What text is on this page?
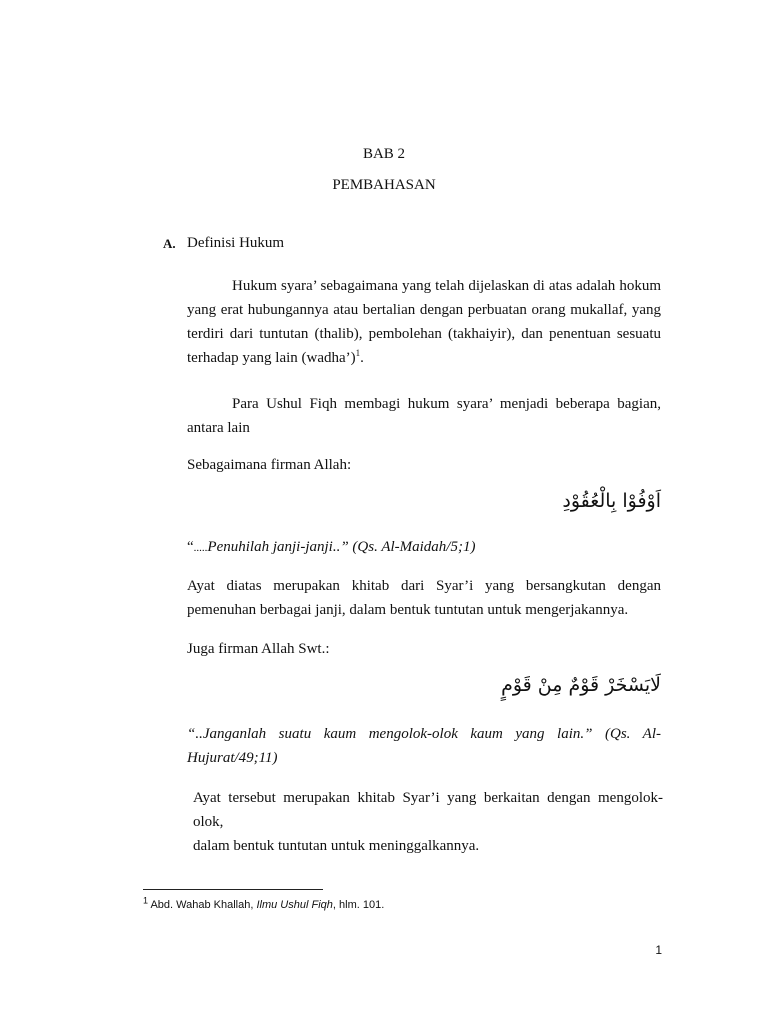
BAB 2
PEMBAHASAN
A. Definisi Hukum
Hukum syara’ sebagaimana yang telah dijelaskan di atas adalah hokum
yang erat hubungannya atau bertalian dengan perbuatan orang mukallaf, yang
terdiri dari tuntutan (thalib), pembolehan (takhaiyir), dan penentuan sesuatu
terhadap yang lain (wadha’)$^1$.
Para Ushul Fiqh membagi hukum syara’ menjadi beberapa bagian,
antara lain
Sebagaimana firman Allah:
اَوْفُوْا بِالْعُقُوْدِ
“.....Penuhilah janji-janji..” (Qs. Al-Maidah/5;1)
Ayat diatas merupakan khitab dari Syar’i yang bersangkutan dengan
pemenuhan berbagai janji, dalam bentuk tuntutan untuk mengerjakannya.
Juga firman Allah Swt.:
لَايَسْخَرْ قَوْمٌ مِنْ قَوْمٍ
“..Janganlah suatu kaum mengolok-olok kaum yang lain.” (Qs. Al-
Hujurat/49;11)
Ayat tersebut merupakan khitab Syar’i yang berkaitan dengan mengolok-olok,
dalam bentuk tuntutan untuk meninggalkannya.
$^1$ Abd. Wahab Khallah, Ilmu Ushul Fiqh, hlm. 101.
1
